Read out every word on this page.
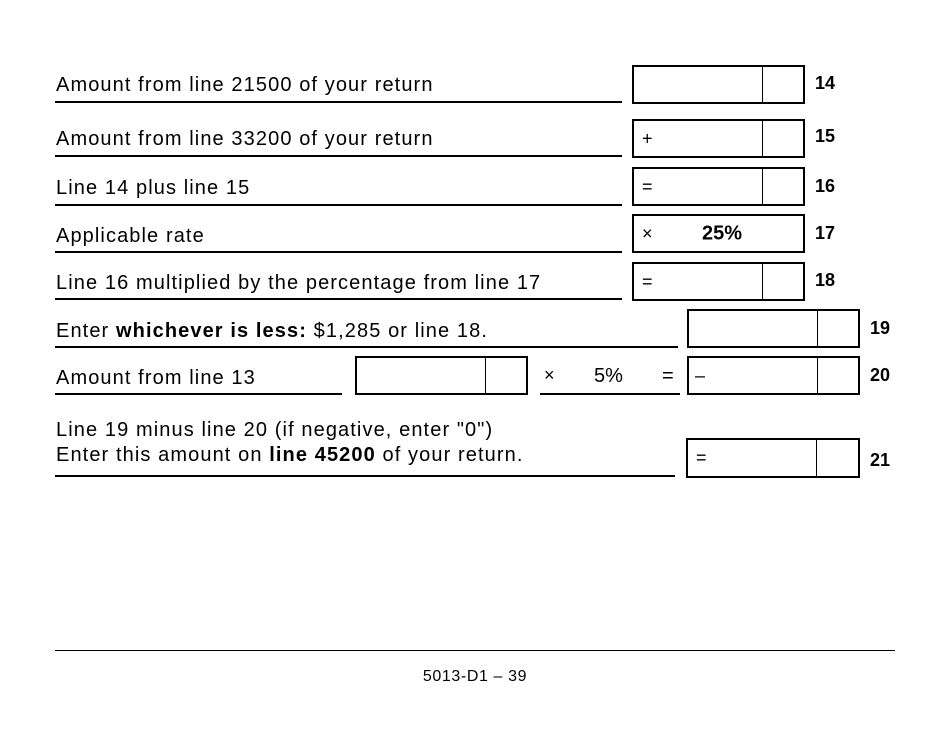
Amount from line 21500 of your return	14
Amount from line 33200 of your return	+	15
Line 14 plus line 15	=	16
Applicable rate	× 25%	17
Line 16 multiplied by the percentage from line 17	=	18
Enter whichever is less: $1,285 or line 18.	19
Amount from line 13	× 5% = –	20
Line 19 minus line 20 (if negative, enter "0")
Enter this amount on line 45200 of your return.	=	21
5013-D1 – 39
